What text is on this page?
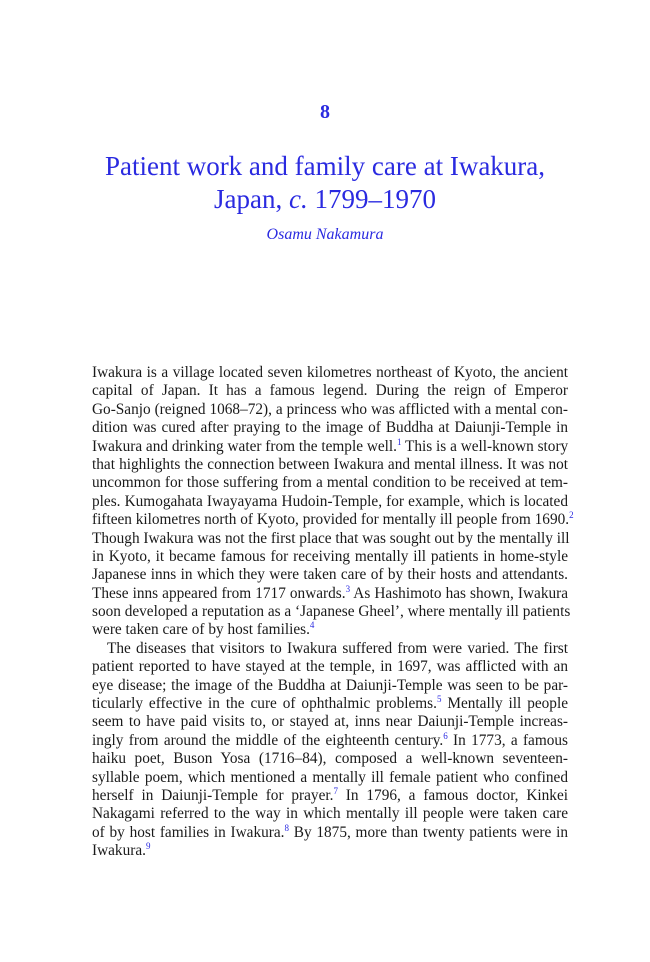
8
Patient work and family care at Iwakura,
Japan, c. 1799–1970
Osamu Nakamura
Iwakura is a village located seven kilometres northeast of Kyoto, the ancient
capital of Japan. It has a famous legend. During the reign of Emperor
Go-Sanjo (reigned 1068–72), a princess who was afflicted with a mental con-
dition was cured after praying to the image of Buddha at Daiunji-Temple in
Iwakura and drinking water from the temple well.$^1$ This is a well-known story
that highlights the connection between Iwakura and mental illness. It was not
uncommon for those suffering from a mental condition to be received at tem-
ples. Kumogahata Iwayayama Hudoin-Temple, for example, which is located
fifteen kilometres north of Kyoto, provided for mentally ill people from 1690.$^2$
Though Iwakura was not the first place that was sought out by the mentally ill
in Kyoto, it became famous for receiving mentally ill patients in home-style
Japanese inns in which they were taken care of by their hosts and attendants.
These inns appeared from 1717 onwards.$^3$ As Hashimoto has shown, Iwakura
soon developed a reputation as a ‘Japanese Gheel’, where mentally ill patients
were taken care of by host families.$^4$
The diseases that visitors to Iwakura suffered from were varied. The first
patient reported to have stayed at the temple, in 1697, was afflicted with an
eye disease; the image of the Buddha at Daiunji-Temple was seen to be par-
ticularly effective in the cure of ophthalmic problems.$^5$ Mentally ill people
seem to have paid visits to, or stayed at, inns near Daiunji-Temple increas-
ingly from around the middle of the eighteenth century.$^6$ In 1773, a famous
haiku poet, Buson Yosa (1716–84), composed a well-known seventeen-
syllable poem, which mentioned a mentally ill female patient who confined
herself in Daiunji-Temple for prayer.$^7$ In 1796, a famous doctor, Kinkei
Nakagami referred to the way in which mentally ill people were taken care
of by host families in Iwakura.$^8$ By 1875, more than twenty patients were in
Iwakura.$^9$
